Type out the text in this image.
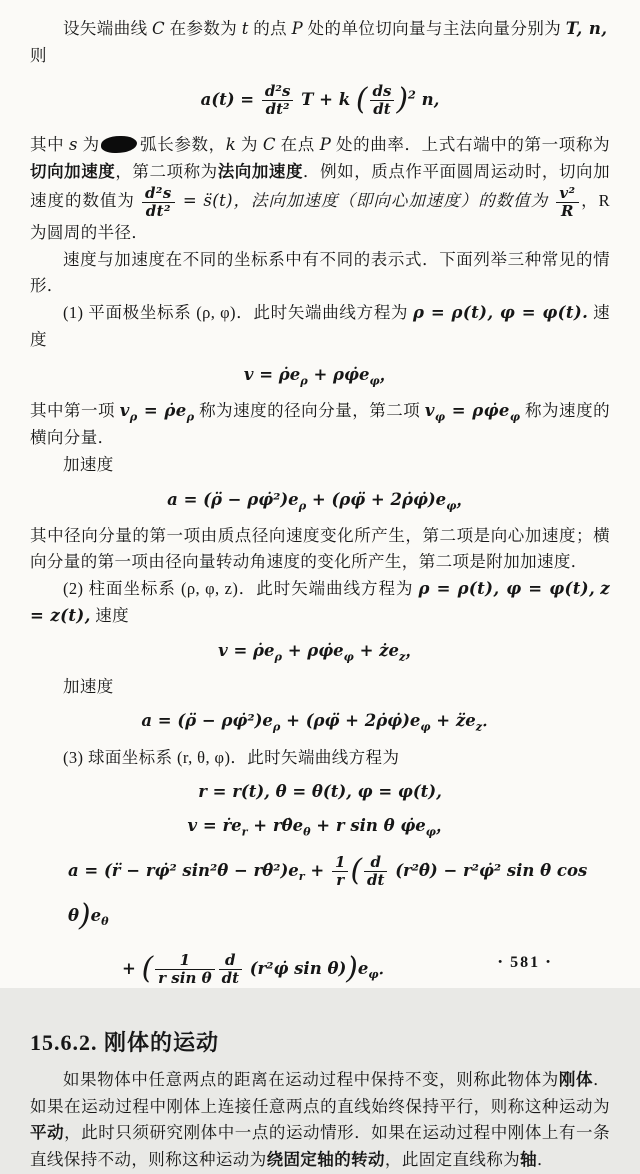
设矢端曲线 C 在参数为 t 的点 P 处的单位切向量与主法向量分别为 T, n,

则

$a(t) = \frac{\text{d²s}}{\text{dt²}}$ T + k ( $\frac{ds}{dt} )^2$ n,

其中 s 为 弧长参数，k 为 C 在点 P 处的曲率．上式右端中的第一项称为切向加速度，第二项称为法向加速度．例如，质点作平面圆周运动时，切向加速度的数值为 $\frac{\text{d²s}}{\text{dt²}}$ = s̈(t)，法向加速度（即向心加速度）的数值为 $\frac{\text{v²}}{R}$ ，R 为圆周的半径．

速度与加速度在不同的坐标系中有不同的表示式．下面列举三种常见的情形．

(1) 平面极坐标系 (ρ, φ)．此时矢端曲线方程为 ρ = ρ(t), φ = φ(t). 速度

$v = \rhȯe_\rho$ + $\rho\varphi̇e_\varphi$，

其中第一项 $v_\rho$ = $\rhȯe_\rho$ 称为速度的径向分量，第二项 $v_\varphi$ = $\rho\varphi̇e_\varphi$ 称为速度的横向分量．

加速度

a = (ρ̈ − $\rho\varphi̇^2)e_\rho$ + (ρφ̈ + $2\rhȯ\varphi̇)e_\varphi$，

其中径向分量的第一项由质点径向速度变化所产生，第二项是向心加速度；横向分量的第一项由径向量转动角速度的变化所产生，第二项是附加加速度．

(2) 柱面坐标系 (ρ, φ, z)．此时矢端曲线方程为 ρ = ρ(t), φ = φ(t), z = z(t), 速度

$v = \rhȯe_\rho$ + $\rho\varphi̇e_\varphi$ + $że_z$，

加速度

a = (ρ̈ − $\rho\varphi̇^2)e_\rho$ + (ρφ̈ + $2\rhȯ\varphi̇)e_\varphi$ + $z̈e_z$．

(3) 球面坐标系 (r, θ, φ)．此时矢端曲线方程为

r = r(t), θ = θ(t), φ = φ(t),
$v = ṙe_r$ + $r\thetȧe_\theta + r$ sin θ $\varphi̇e_\varphi$，
a = (r̈ − rφ̇² $\sin^2\theta - r\thetȧ^2)e_r + \frac{1}{r}$ ( $\frac{d}{dt}$ (r²θ̇) − r²φ̇² sin θ $\cos \theta)e_\theta$
+ ( $\frac{1}{\text{r sin θ}} \frac{d}{dt}$ (r²φ̇ $\sin \theta))e_\varphi$．
15.6.2. 刚体的运动

如果物体中任意两点的距离在运动过程中保持不变，则称此物体为刚体．如果在运动过程中刚体上连接任意两点的直线始终保持平行，则称这种运动为平动，此时只须研究刚体中一点的运动情形．如果在运动过程中刚体上有一条直线保持不动，则称这种运动为绕固定轴的转动，此固定直线称为轴．

• 581 •
